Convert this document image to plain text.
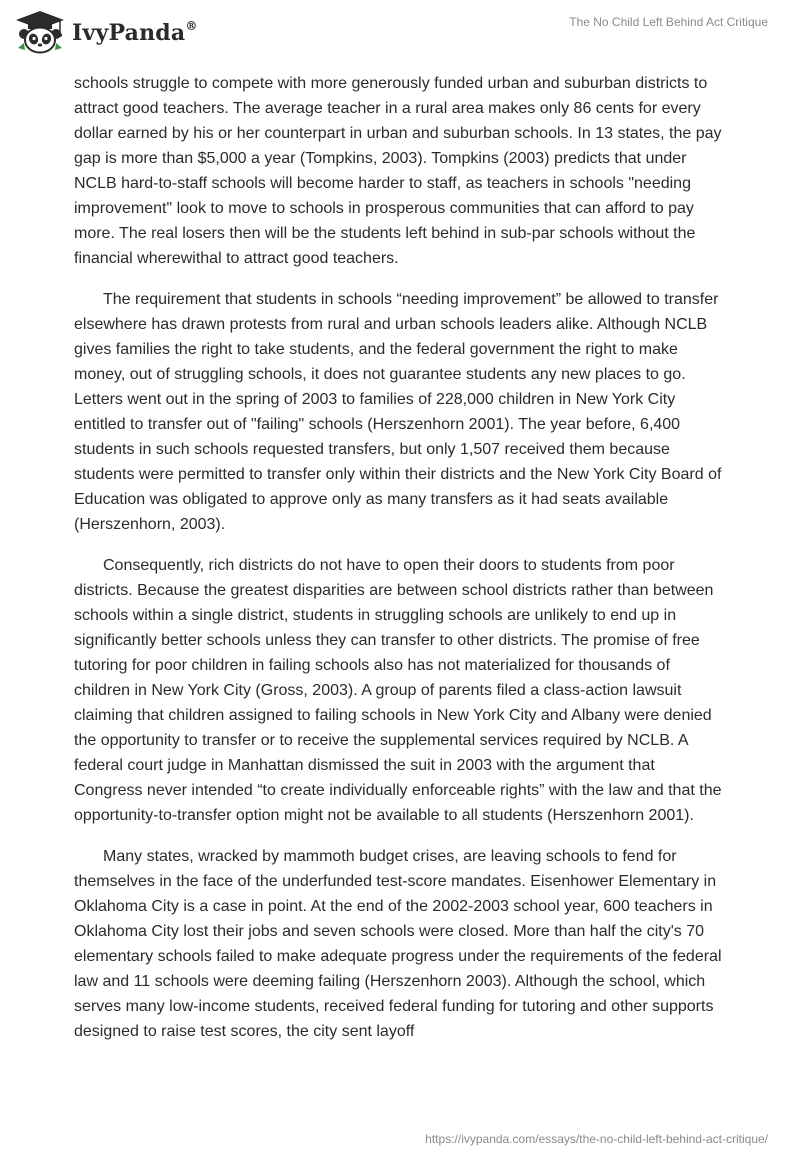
IvyPanda®	The No Child Left Behind Act Critique

schools struggle to compete with more generously funded urban and suburban districts to attract good teachers. The average teacher in a rural area makes only 86 cents for every dollar earned by his or her counterpart in urban and suburban schools. In 13 states, the pay gap is more than $5,000 a year (Tompkins, 2003). Tompkins (2003) predicts that under NCLB hard-to-staff schools will become harder to staff, as teachers in schools "needing improvement" look to move to schools in prosperous communities that can afford to pay more. The real losers then will be the students left behind in sub-par schools without the financial wherewithal to attract good teachers.

The requirement that students in schools “needing improvement” be allowed to transfer elsewhere has drawn protests from rural and urban schools leaders alike. Although NCLB gives families the right to take students, and the federal government the right to make money, out of struggling schools, it does not guarantee students any new places to go. Letters went out in the spring of 2003 to families of 228,000 children in New York City entitled to transfer out of "failing" schools (Herszenhorn 2001). The year before, 6,400 students in such schools requested transfers, but only 1,507 received them because students were permitted to transfer only within their districts and the New York City Board of Education was obligated to approve only as many transfers as it had seats available (Herszenhorn, 2003).

Consequently, rich districts do not have to open their doors to students from poor districts. Because the greatest disparities are between school districts rather than between schools within a single district, students in struggling schools are unlikely to end up in significantly better schools unless they can transfer to other districts. The promise of free tutoring for poor children in failing schools also has not materialized for thousands of children in New York City (Gross, 2003). A group of parents filed a class-action lawsuit claiming that children assigned to failing schools in New York City and Albany were denied the opportunity to transfer or to receive the supplemental services required by NCLB. A federal court judge in Manhattan dismissed the suit in 2003 with the argument that Congress never intended “to create individually enforceable rights” with the law and that the opportunity-to-transfer option might not be available to all students (Herszenhorn 2001).

Many states, wracked by mammoth budget crises, are leaving schools to fend for themselves in the face of the underfunded test-score mandates. Eisenhower Elementary in Oklahoma City is a case in point. At the end of the 2002-2003 school year, 600 teachers in Oklahoma City lost their jobs and seven schools were closed. More than half the city's 70 elementary schools failed to make adequate progress under the requirements of the federal law and 11 schools were deeming failing (Herszenhorn 2003). Although the school, which serves many low-income students, received federal funding for tutoring and other supports designed to raise test scores, the city sent layoff

https://ivypanda.com/essays/the-no-child-left-behind-act-critique/
